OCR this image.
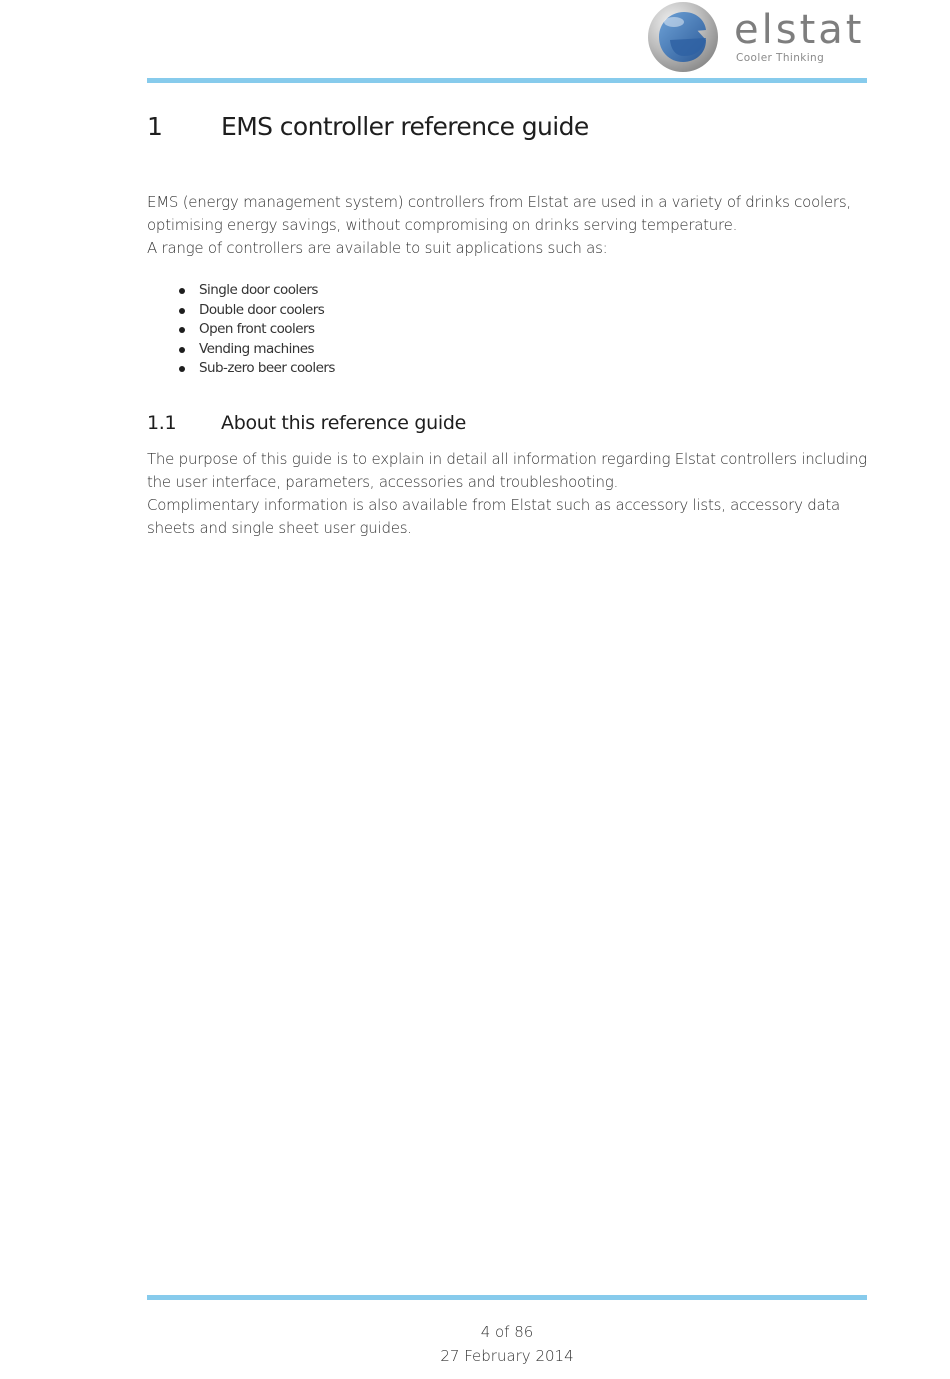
elstat
Cooler Thinking
1 EMS controller reference guide
EMS (energy management system) controllers from Elstat are used in a variety of drinks coolers,
optimising energy savings, without compromising on drinks serving temperature.
A range of controllers are available to suit applications such as:
Single door coolers
Double door coolers
Open front coolers
Vending machines
Sub-zero beer coolers
1.1 About this reference guide
The purpose of this guide is to explain in detail all information regarding Elstat controllers including
the user interface, parameters, accessories and troubleshooting.
Complimentary information is also available from Elstat such as accessory lists, accessory data
sheets and single sheet user guides.
4 of 86
27 February 2014
